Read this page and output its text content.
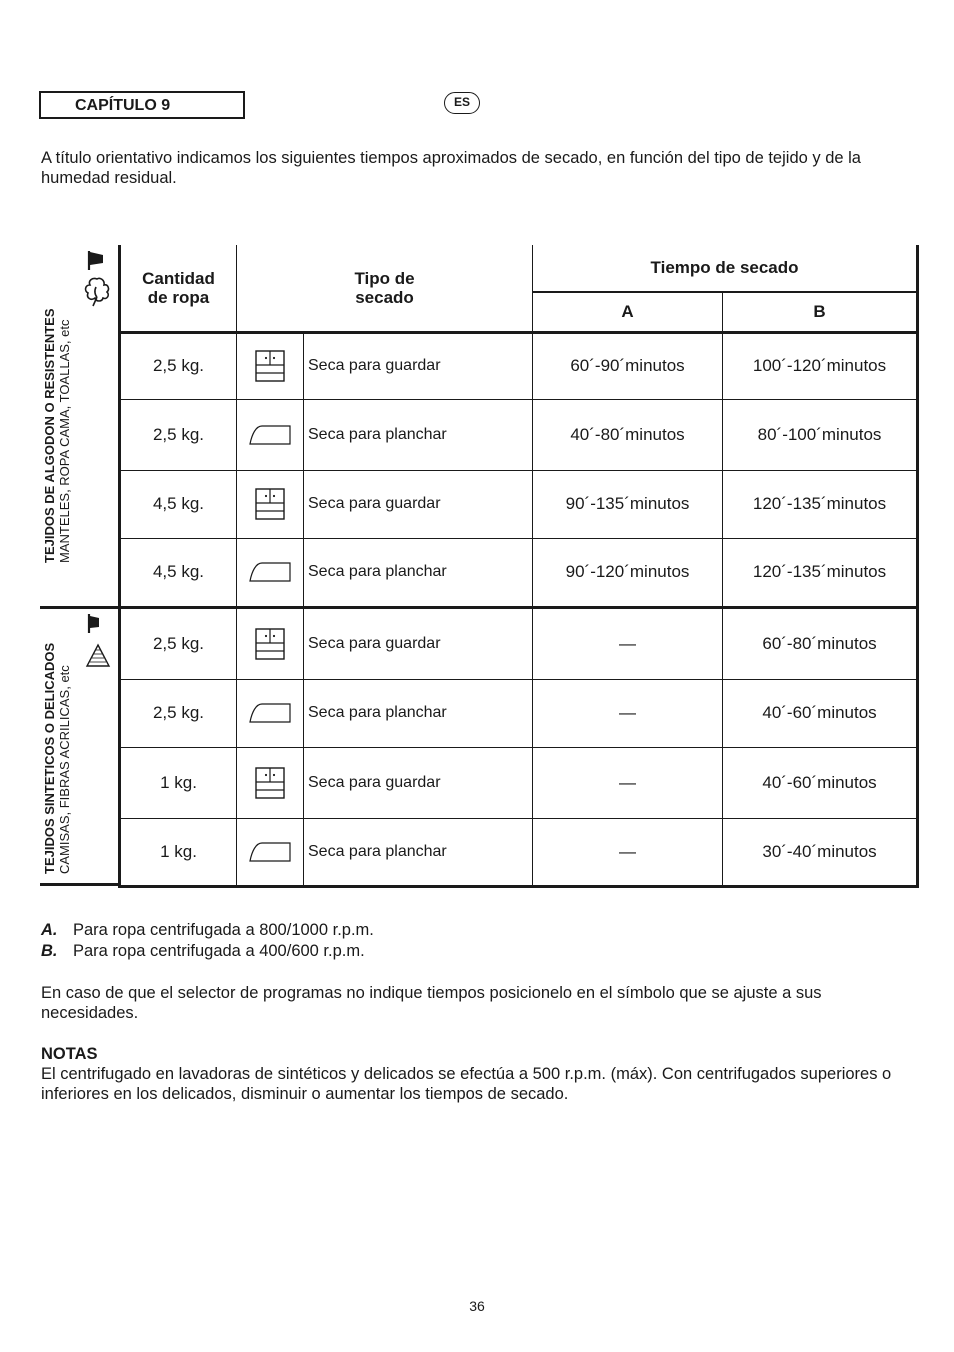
CAPÍTULO 9	ES
A título orientativo indicamos los siguientes tiempos aproximados de secado, en función del tipo de tejido y de la humedad residual.
TEJIDOS DE ALGODON O RESISTENTES MANTELES, ROPA CAMA, TOALLAS, etc
TEJIDOS SINTETICOS O DELICADOS CAMISAS, FIBRAS ACRILICAS, etc
Cantidad
de ropa	Tipo de
secado		Tiempo de secado	
			A	B
2,5 kg.		Seca para guardar	60´-90´minutos	100´-120´minutos
2,5 kg.		Seca para planchar	40´-80´minutos	80´-100´minutos
4,5 kg.		Seca para guardar	90´-135´minutos	120´-135´minutos
4,5 kg.		Seca para planchar	90´-120´minutos	120´-135´minutos
2,5 kg.		Seca para guardar	—	60´-80´minutos
2,5 kg.		Seca para planchar	—	40´-60´minutos
1 kg.		Seca para guardar	—	40´-60´minutos
1 kg.		Seca para planchar	—	30´-40´minutos
A. Para ropa centrifugada a 800/1000 r.p.m.
B. Para ropa centrifugada a 400/600 r.p.m.
En caso de que el selector de programas no indique tiempos posicionelo en el símbolo que se ajuste a sus necesidades.
NOTAS
El centrifugado en lavadoras de sintéticos y delicados se efectúa a 500 r.p.m. (máx). Con centrifugados superiores o inferiores en los delicados, disminuir o aumentar los tiempos de secado.
36
